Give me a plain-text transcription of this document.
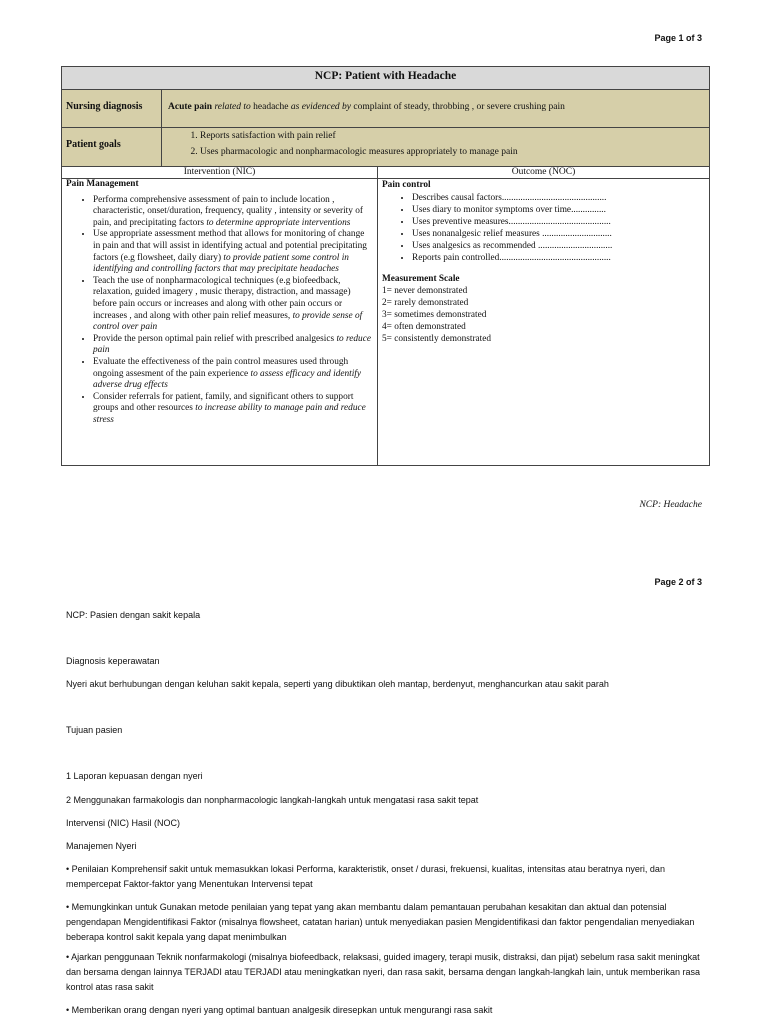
Page 1 of 3
NCP: Patient with Headache
Nursing diagnosis	Acute pain related to headache as evidenced by complaint of steady, throbbing , or severe crushing pain
Patient goals
1. Reports satisfaction with pain relief
2. Uses pharmacologic and nonpharmacologic measures appropriately to manage pain
Intervention (NIC)	Outcome (NOC)
Pain Management
• Performa comprehensive assessment of pain to include location , characteristic, onset/duration, frequency, quality , intensity or severity of pain, and precipitating factors to determine appropriate interventions
• Use appropriate assessment method that allows for monitoring of change in pain and that will assist in identifying actual and potential precipitating factors (e.g flowsheet, daily diary) to provide patient some control in identifying and controlling factors that may precipitate headaches
• Teach the use of nonpharmacological techniques (e.g biofeedback, relaxation, guided imagery , music therapy, distraction, and massage) before pain occurs or increases and along with other pain occurs or increases , and along with other pain relief measures, to provide sense of control over pain
• Provide the person optimal pain relief with prescribed analgesics to reduce pain
• Evaluate the effectiveness of the pain control measures used through ongoing assesment of the pain experience to assess efficacy and identify adverse drug effects
• Consider referrals for patient, family, and significant others to support groups and other resources to increase ability to manage pain and reduce stress
Pain control
• Describes causal factors.............................................
• Uses diary to monitor symptoms over time...............
• Uses preventive measures............................................
• Uses nonanalgesic relief measures ..............................
• Uses analgesics as recommended ................................
• Reports pain controlled................................................
Measurement Scale
1= never demonstrated
2= rarely demonstrated
3= sometimes demonstrated
4= often demonstrated
5= consistently demonstrated
NCP: Headache
Page 2 of 3

NCP: Pasien dengan sakit kepala

Diagnosis keperawatan

Nyeri akut berhubungan dengan keluhan sakit kepala, seperti yang dibuktikan oleh mantap, berdenyut, menghancurkan atau sakit parah

Tujuan pasien

1 Laporan kepuasan dengan nyeri

2 Menggunakan farmakologis dan nonpharmacologic langkah-langkah untuk mengatasi rasa sakit tepat

Intervensi (NIC) Hasil (NOC)

Manajemen Nyeri

• Penilaian Komprehensif sakit untuk memasukkan lokasi Performa, karakteristik, onset / durasi, frekuensi, kualitas, intensitas atau beratnya nyeri, dan mempercepat Faktor-faktor yang Menentukan Intervensi tepat

• Memungkinkan untuk Gunakan metode penilaian yang tepat yang akan membantu dalam pemantauan perubahan kesakitan dan aktual dan potensial pengendapan Mengidentifikasi Faktor (misalnya flowsheet, catatan harian) untuk menyediakan pasien Mengidentifikasi dan faktor pengendalian menyediakan beberapa kontrol sakit kepala yang dapat menimbulkan

• Ajarkan penggunaan Teknik nonfarmakologi (misalnya biofeedback, relaksasi, guided imagery, terapi musik, distraksi, dan pijat) sebelum rasa sakit meningkat dan bersama dengan lainnya TERJADI atau TERJADI atau meningkatkan nyeri, dan rasa sakit, bersama dengan langkah-langkah lain, untuk memberikan rasa kontrol atas rasa sakit

• Memberikan orang dengan nyeri yang optimal bantuan analgesik diresepkan untuk mengurangi rasa sakit
